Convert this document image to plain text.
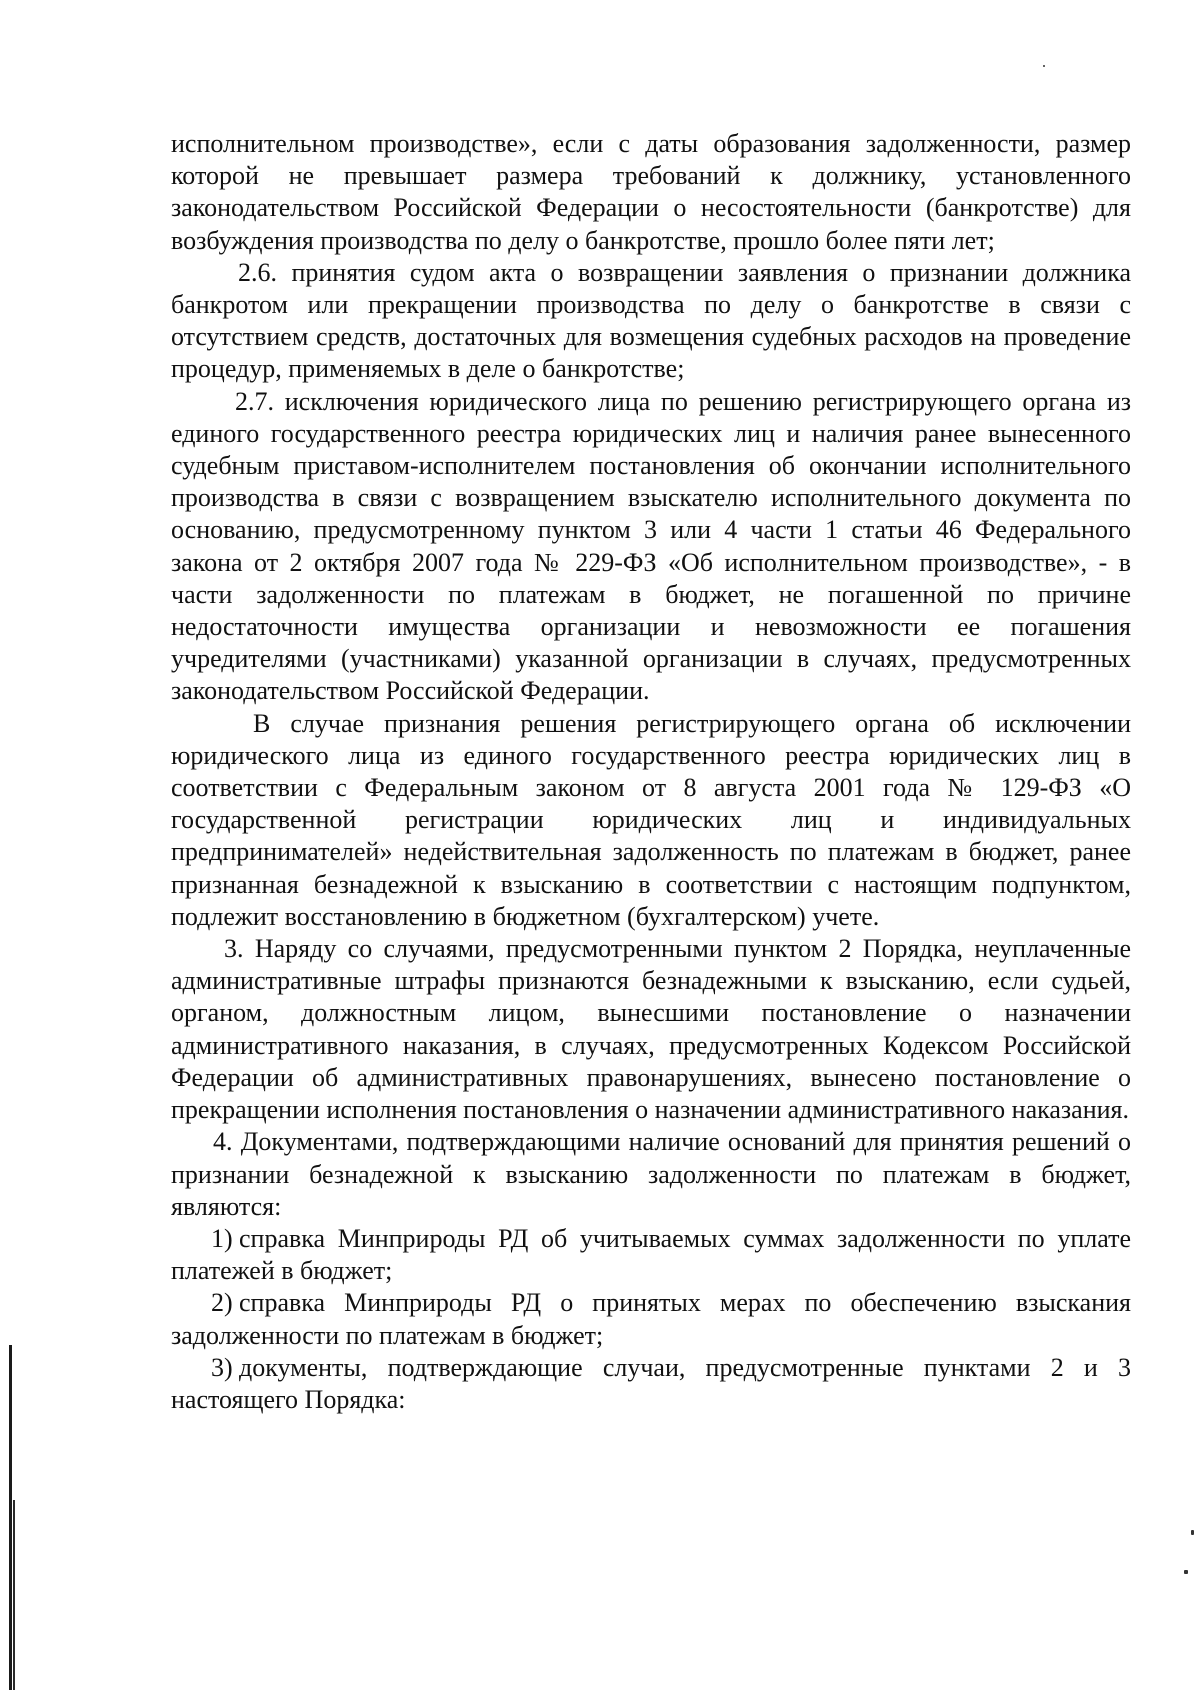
исполнительном производстве», если с даты образования задолженности, размер которой не превышает размера требований к должнику, установленного законодательством Российской Федерации о несостоятельности (банкротстве) для возбуждения производства по делу о банкротстве, прошло более пяти лет;

2.6. принятия судом акта о возвращении заявления о признании должника банкротом или прекращении производства по делу о банкротстве в связи с отсутствием средств, достаточных для возмещения судебных расходов на проведение процедур, применяемых в деле о банкротстве;

2.7. исключения юридического лица по решению регистрирующего органа из единого государственного реестра юридических лиц и наличия ранее вынесенного судебным приставом-исполнителем постановления об окончании исполнительного производства в связи с возвращением взыскателю исполнительного документа по основанию, предусмотренному пунктом 3 или 4 части 1 статьи 46 Федерального закона от 2 октября 2007 года № 229-ФЗ «Об исполнительном производстве», - в части задолженности по платежам в бюджет, не погашенной по причине недостаточности имущества организации и невозможности ее погашения учредителями (участниками) указанной организации в случаях, предусмотренных законодательством Российской Федерации.

В случае признания решения регистрирующего органа об исключении юридического лица из единого государственного реестра юридических лиц в соответствии с Федеральным законом от 8 августа 2001 года № 129-ФЗ «О государственной регистрации юридических лиц и индивидуальных предпринимателей» недействительная задолженность по платежам в бюджет, ранее признанная безнадежной к взысканию в соответствии с настоящим подпунктом, подлежит восстановлению в бюджетном (бухгалтерском) учете.

3. Наряду со случаями, предусмотренными пунктом 2 Порядка, неуплаченные административные штрафы признаются безнадежными к взысканию, если судьей, органом, должностным лицом, вынесшими постановление о назначении административного наказания, в случаях, предусмотренных Кодексом Российской Федерации об административных правонарушениях, вынесено постановление о прекращении исполнения постановления о назначении административного наказания.

4. Документами, подтверждающими наличие оснований для принятия решений о признании безнадежной к взысканию задолженности по платежам в бюджет, являются:

1) справка Минприроды РД об учитываемых суммах задолженности по уплате платежей в бюджет;

2) справка Минприроды РД о принятых мерах по обеспечению взыскания задолженности по платежам в бюджет;

3) документы, подтверждающие случаи, предусмотренные пунктами 2 и 3 настоящего Порядка:
